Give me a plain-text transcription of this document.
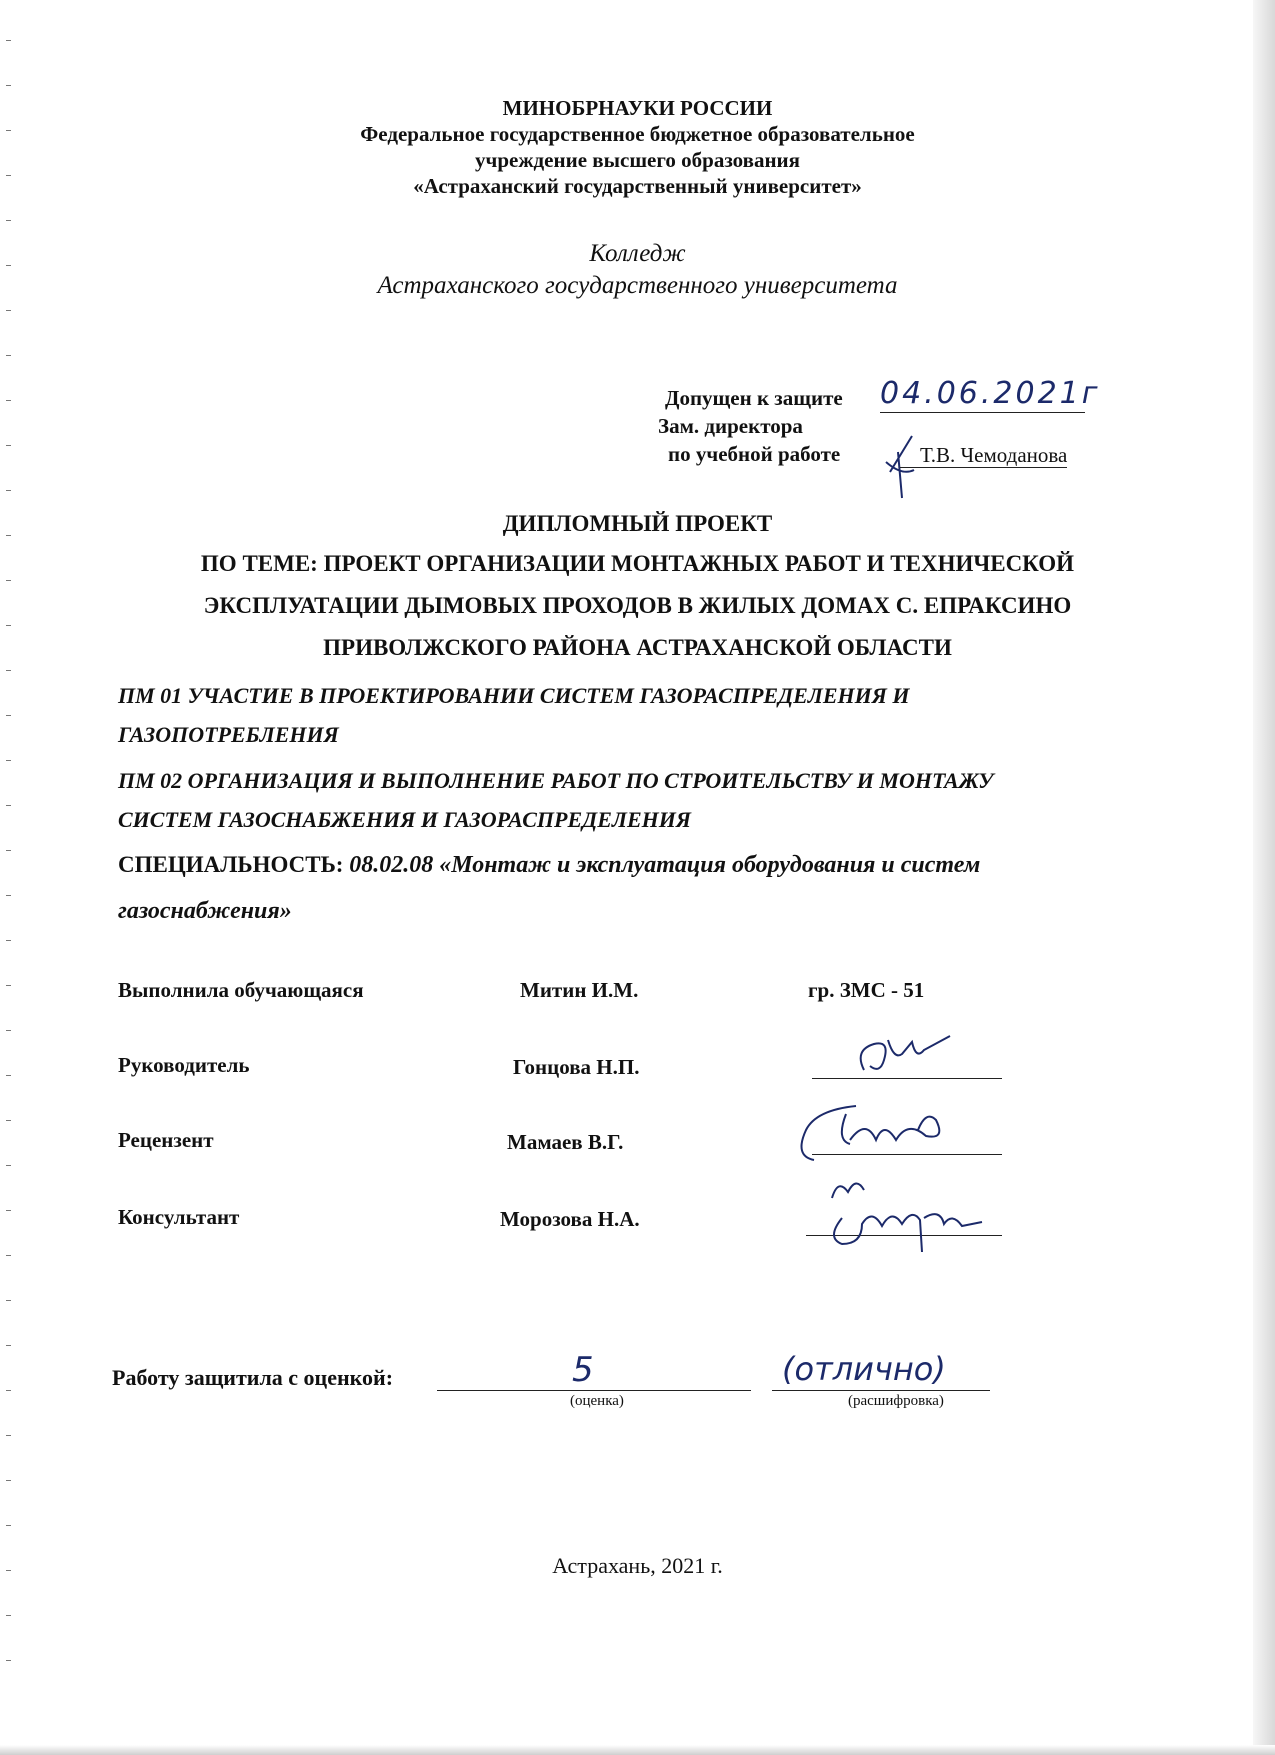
МИНОБРНАУКИ РОССИИ
Федеральное государственное бюджетное образовательное
учреждение высшего образования
«Астраханский государственный университет»
Колледж
Астраханского государственного университета
Допущен к защите 04.06.2021г
Зам. директора
по учебной работе	Т.В. Чемоданова
ДИПЛОМНЫЙ ПРОЕКТ
ПО ТЕМЕ: ПРОЕКТ ОРГАНИЗАЦИИ МОНТАЖНЫХ РАБОТ И ТЕХНИЧЕСКОЙ
ЭКСПЛУАТАЦИИ ДЫМОВЫХ ПРОХОДОВ В ЖИЛЫХ ДОМАХ С. ЕПРАКСИНО
ПРИВОЛЖСКОГО РАЙОНА АСТРАХАНСКОЙ ОБЛАСТИ
ПМ 01 УЧАСТИЕ В ПРОЕКТИРОВАНИИ СИСТЕМ ГАЗОРАСПРЕДЕЛЕНИЯ И
ГАЗОПОТРЕБЛЕНИЯ
ПМ 02 ОРГАНИЗАЦИЯ И ВЫПОЛНЕНИЕ РАБОТ ПО СТРОИТЕЛЬСТВУ И МОНТАЖУ
СИСТЕМ ГАЗОСНАБЖЕНИЯ И ГАЗОРАСПРЕДЕЛЕНИЯ
СПЕЦИАЛЬНОСТЬ: 08.02.08 «Монтаж и эксплуатация оборудования и систем
газоснабжения»
Выполнила обучающаяся	Митин И.М.	гр. ЗМС - 51
Руководитель	Гонцова Н.П.
Рецензент	Мамаев В.Г.
Консультант	Морозова Н.А.
Работу защитила с оценкой:	5
(оценка)
(отлично)
(расшифровка)
Астрахань, 2021 г.
